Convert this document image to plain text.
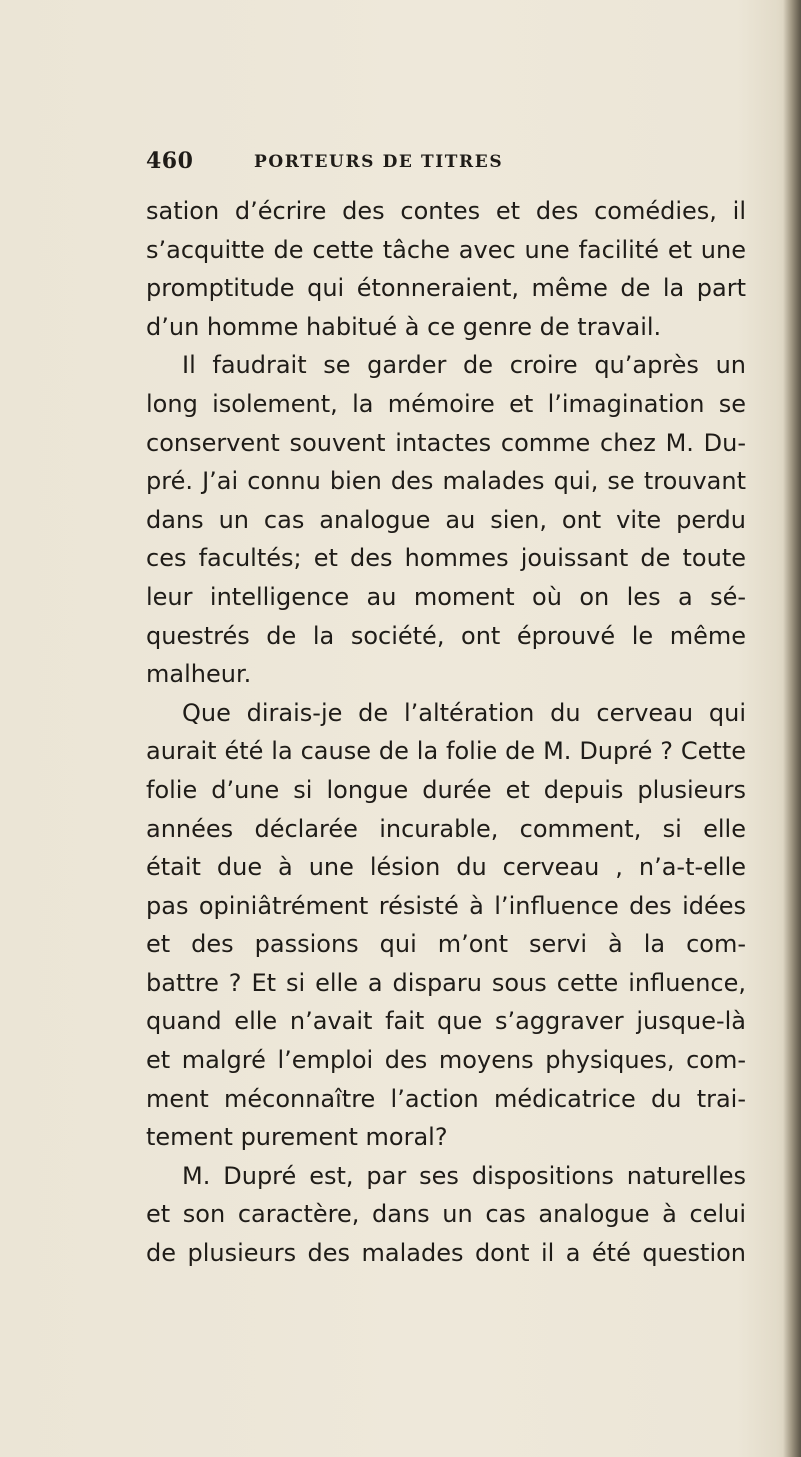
460	PORTEURS DE TITRES
sation d’écrire des contes et des comédies, il
s’acquitte de cette tâche avec une facilité et une
promptitude qui étonneraient, même de la part
d’un homme habitué à ce genre de travail.
Il faudrait se garder de croire qu’après un
long isolement, la mémoire et l’imagination se
conservent souvent intactes comme chez M. Du-
pré. J’ai connu bien des malades qui, se trouvant
dans un cas analogue au sien, ont vite perdu
ces facultés; et des hommes jouissant de toute
leur intelligence au moment où on les a sé-
questrés de la société, ont éprouvé le même
malheur.
Que dirais-je de l’altération du cerveau qui
aurait été la cause de la folie de M. Dupré ? Cette
folie d’une si longue durée et depuis plusieurs
années déclarée incurable, comment, si elle
était due à une lésion du cerveau , n’a-t-elle
pas opiniâtrément résisté à l’influence des idées
et des passions qui m’ont servi à la com-
battre ? Et si elle a disparu sous cette influence,
quand elle n’avait fait que s’aggraver jusque-là
et malgré l’emploi des moyens physiques, com-
ment méconnaître l’action médicatrice du trai-
tement purement moral?
M. Dupré est, par ses dispositions naturelles
et son caractère, dans un cas analogue à celui
de plusieurs des malades dont il a été question
